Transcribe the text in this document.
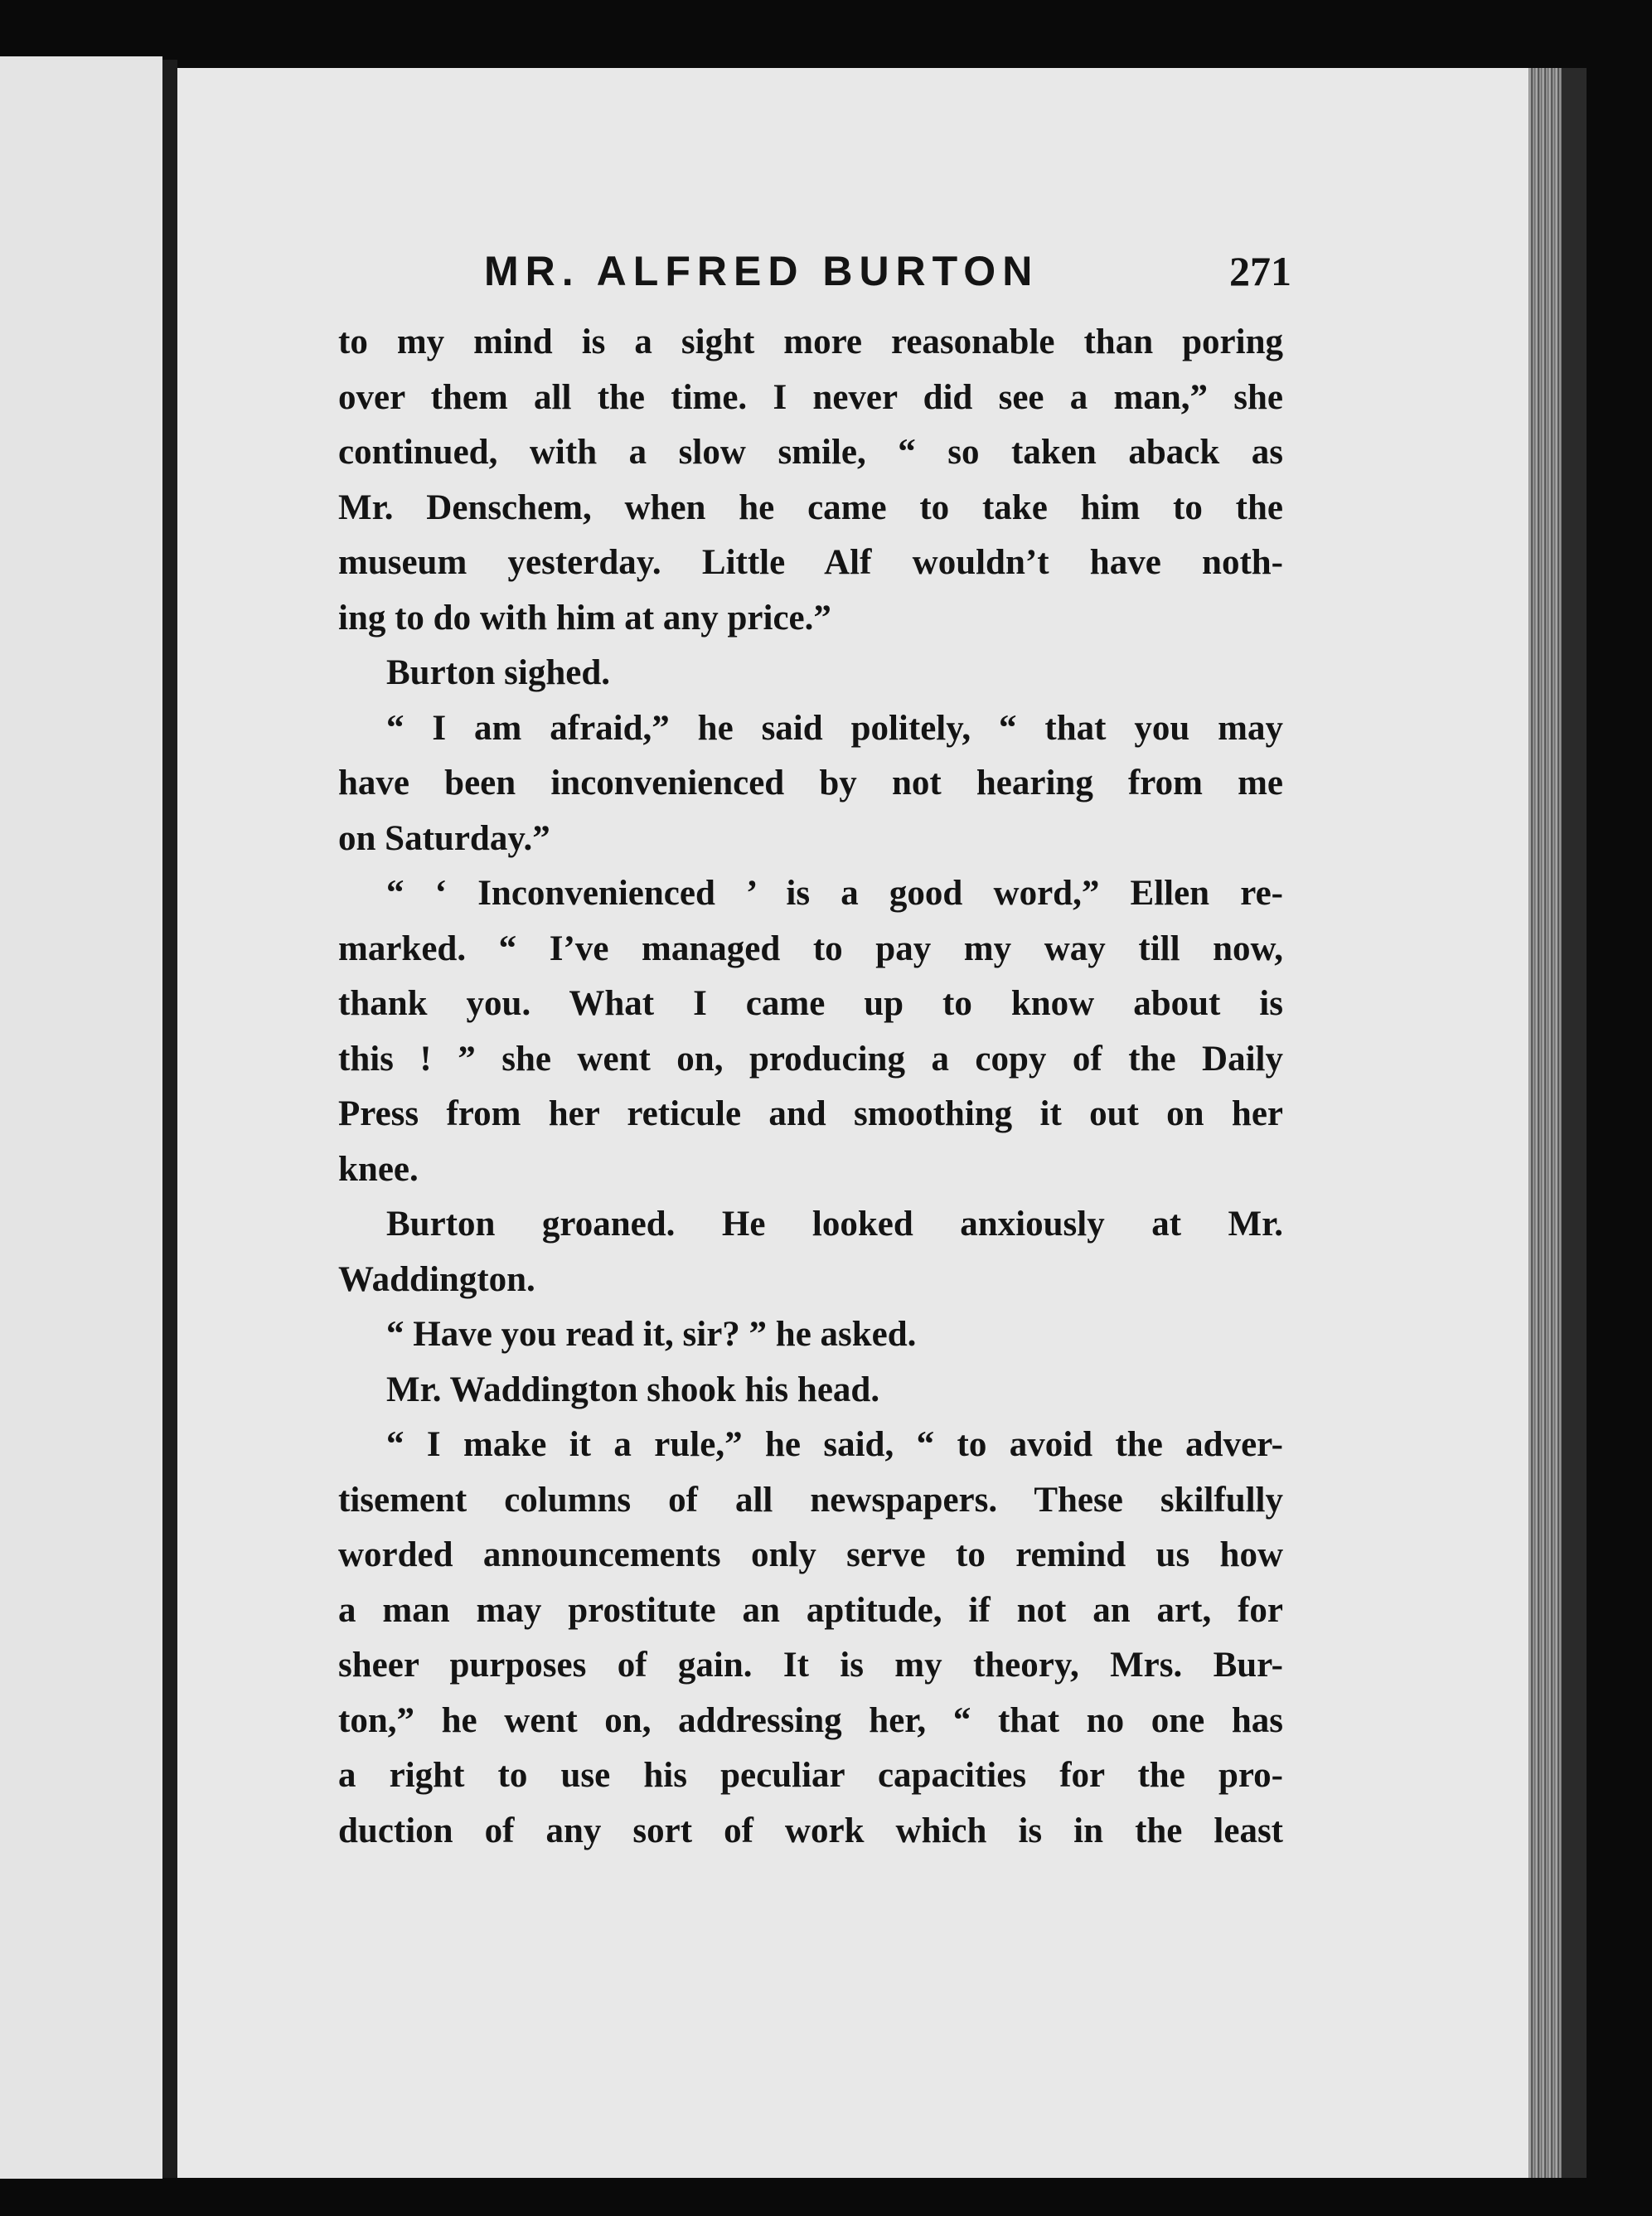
MR. ALFRED BURTON	271
to my mind is a sight more reasonable than poring
over them all the time. I never did see a man,” she
continued, with a slow smile, “ so taken aback as
Mr. Denschem, when he came to take him to the
museum yesterday. Little Alf wouldn’t have noth-
ing to do with him at any price.”
Burton sighed.
“ I am afraid,” he said politely, “ that you may
have been inconvenienced by not hearing from me
on Saturday.”
“ ‘ Inconvenienced ’ is a good word,” Ellen re-
marked. “ I’ve managed to pay my way till now,
thank you. What I came up to know about is
this ! ” she went on, producing a copy of the Daily
Press from her reticule and smoothing it out on her
knee.
Burton groaned. He looked anxiously at Mr.
Waddington.
“ Have you read it, sir? ” he asked.
Mr. Waddington shook his head.
“ I make it a rule,” he said, “ to avoid the adver-
tisement columns of all newspapers. These skilfully
worded announcements only serve to remind us how
a man may prostitute an aptitude, if not an art, for
sheer purposes of gain. It is my theory, Mrs. Bur-
ton,” he went on, addressing her, “ that no one has
a right to use his peculiar capacities for the pro-
duction of any sort of work which is in the least
